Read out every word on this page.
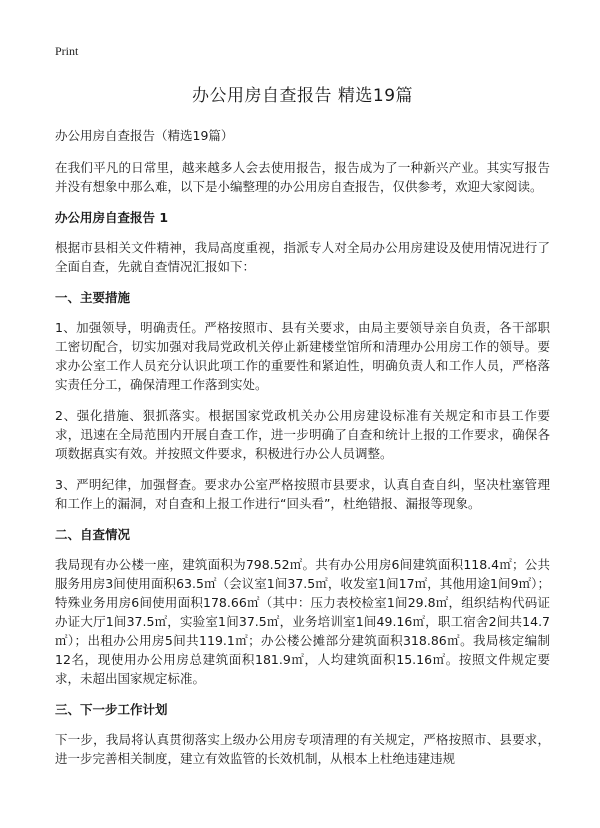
Print
办公用房自查报告 精选19篇

办公用房自查报告（精选19篇）

在我们平凡的日常里，越来越多人会去使用报告，报告成为了一种新兴产业。其实写报告并没有想象中那么难，以下是小编整理的办公用房自查报告，仅供参考，欢迎大家阅读。

办公用房自查报告 1

根据市县相关文件精神，我局高度重视，指派专人对全局办公用房建设及使用情况进行了全面自查，先就自查情况汇报如下：

一、主要措施

1、加强领导，明确责任。严格按照市、县有关要求，由局主要领导亲自负责，各干部职工密切配合，切实加强对我局党政机关停止新建楼堂馆所和清理办公用房工作的领导。要求办公室工作人员充分认识此项工作的重要性和紧迫性，明确负责人和工作人员，严格落实责任分工，确保清理工作落到实处。

2、强化措施、狠抓落实。根据国家党政机关办公用房建设标准有关规定和市县工作要求，迅速在全局范围内开展自查工作，进一步明确了自查和统计上报的工作要求，确保各项数据真实有效。并按照文件要求，积极进行办公人员调整。

3、严明纪律，加强督查。要求办公室严格按照市县要求，认真自查自纠，坚决杜塞管理和工作上的漏洞，对自查和上报工作进行“回头看”，杜绝错报、漏报等现象。

二、自查情况

我局现有办公楼一座，建筑面积为798.52㎡。共有办公用房6间建筑面积118.4㎡；公共服务用房3间使用面积63.5㎡（会议室1间37.5㎡，收发室1间17㎡，其他用途1间9㎡）；特殊业务用房6间使用面积178.66㎡（其中：压力表校检室1间29.8㎡，组织结构代码证办证大厅1间37.5㎡，实验室1间37.5㎡，业务培训室1间49.16㎡，职工宿舍2间共14.7㎡）；出租办公用房5间共119.1㎡；办公楼公摊部分建筑面积318.86㎡。我局核定编制12名，现使用办公用房总建筑面积181.9㎡，人均建筑面积15.16㎡。按照文件规定要求，未超出国家规定标准。

三、下一步工作计划

下一步，我局将认真贯彻落实上级办公用房专项清理的有关规定，严格按照市、县要求，进一步完善相关制度，建立有效监管的长效机制，从根本上杜绝违建违规
